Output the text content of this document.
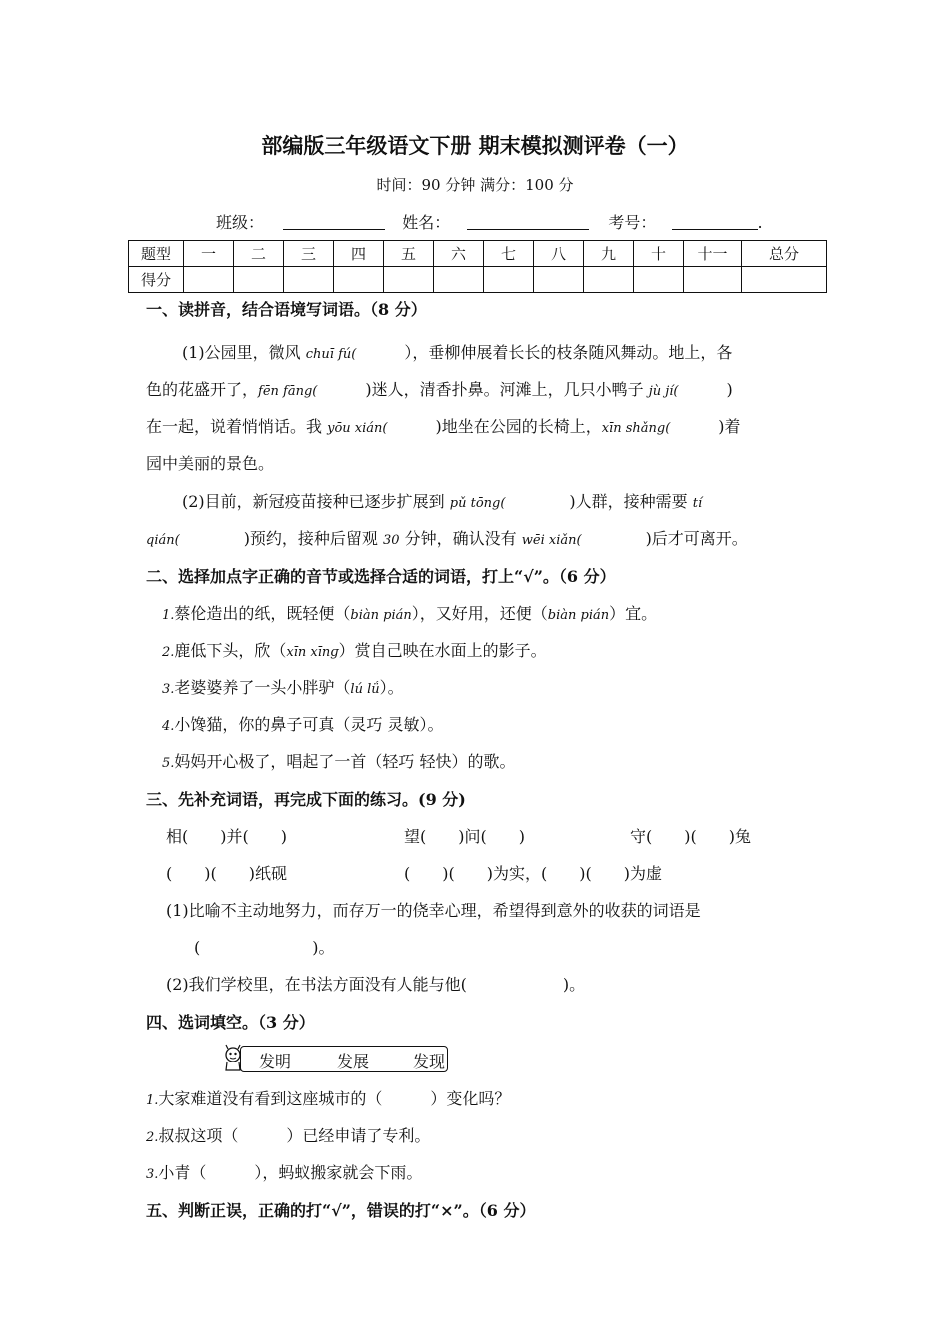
部编版三年级语文下册 期末模拟测评卷（一）
时间：90 分钟 满分：100 分
班级：	姓名：	考号：	.
题型	一	二	三	四	五	六	七	八	九	十	十一	总分
得分												
一、读拼音，结合语境写词语。（8 分）
(1)公园里，微风 chuī fú(　　　），垂柳伸展着长长的枝条随风舞动。地上，各
色的花盛开了，fēn fāng(　　　)迷人，清香扑鼻。河滩上，几只小鸭子 jù jí(　　　)
在一起，说着悄悄话。我 yōu xián(　　　)地坐在公园的长椅上，xīn shǎng(　　　)着
园中美丽的景色。
(2)目前，新冠疫苗接种已逐步扩展到 pǔ tōng(　　　　)人群，接种需要 tí
qián(　　　　)预约，接种后留观 30 分钟，确认没有 wēi xiǎn(　　　　)后才可离开。
二、选择加点字正确的音节或选择合适的词语，打上“√”。（6 分）
1.蔡伦造出的纸，既轻便（biàn pián），又好用，还便（biàn pián）宜。
2.鹿低下头，欣（xīn xīnɡ）赏自己映在水面上的影子。
3.老婆婆养了一头小胖驴（lú lǘ）。
4.小馋猫，你的鼻子可真（灵巧 灵敏）。
5.妈妈开心极了，唱起了一首（轻巧 轻快）的歌。
三、先补充词语，再完成下面的练习。(9 分)
相(　　)并(　　)	望(　　)问(　　)	守(　　)(　　)兔
(　　)(　　)纸砚	(　　)(　　)为实，(　　)(　　)为虚
(1)比喻不主动地努力，而存万一的侥幸心理，希望得到意外的收获的词语是
(　　　　　　　)。
(2)我们学校里，在书法方面没有人能与他(　　　　　　)。
四、选词填空。（3 分）
发明	发展	发现
1.大家难道没有看到这座城市的（　　　）变化吗？
2.叔叔这项（　　　）已经申请了专利。
3.小青（　　　），蚂蚁搬家就会下雨。
五、判断正误，正确的打“√”，错误的打“×”。（6 分）
